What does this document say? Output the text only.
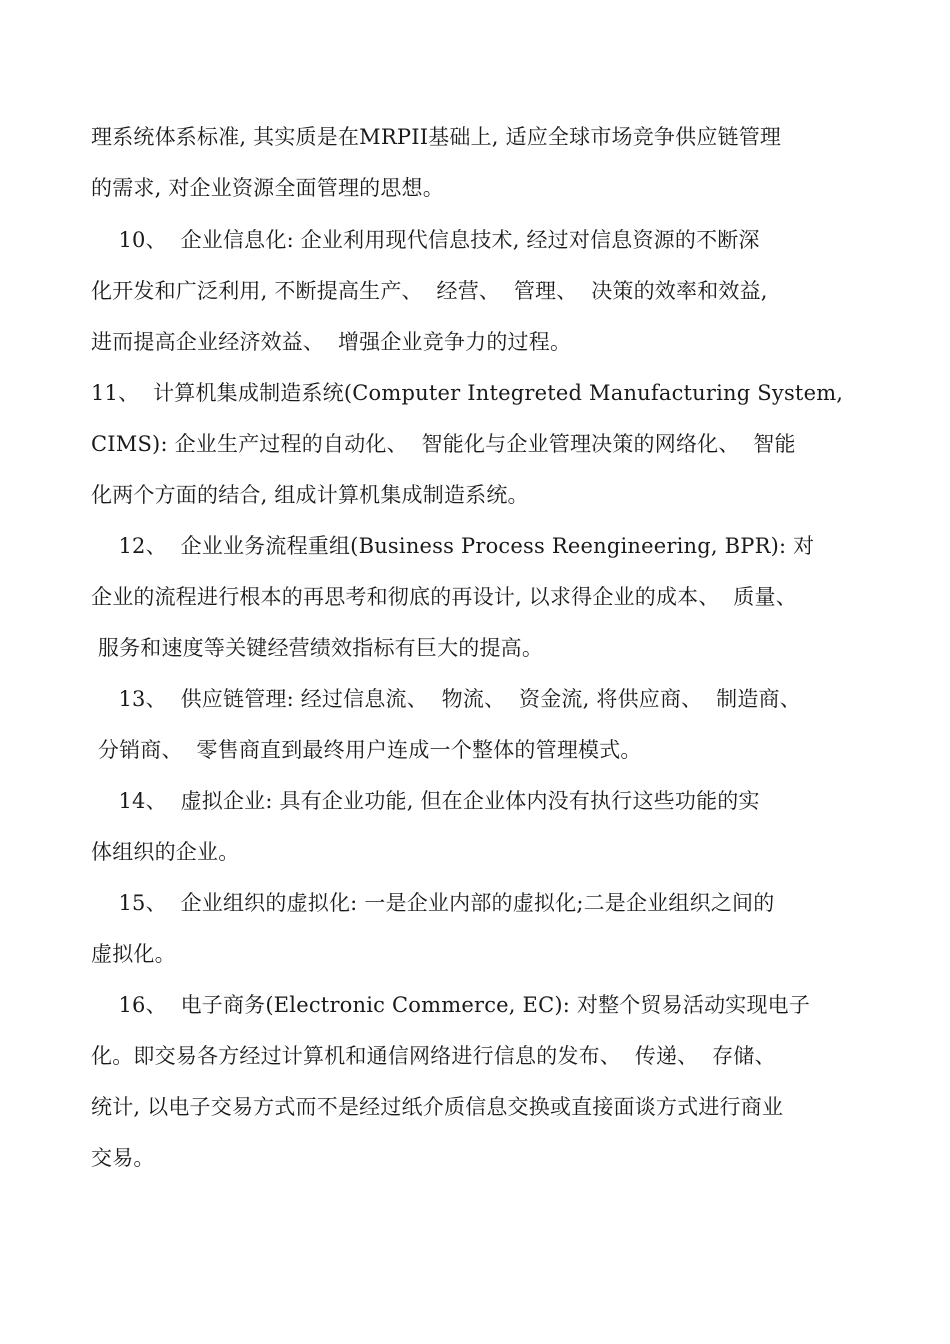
理系统体系标准, 其实质是在MRPII基础上, 适应全球市场竞争供应链管理
的需求, 对企业资源全面管理的思想。
10、  企业信息化: 企业利用现代信息技术, 经过对信息资源的不断深
化开发和广泛利用, 不断提高生产、  经营、  管理、  决策的效率和效益,
进而提高企业经济效益、  增强企业竞争力的过程。
11、  计算机集成制造系统(Computer Integreted Manufacturing System,
CIMS): 企业生产过程的自动化、  智能化与企业管理决策的网络化、  智能
化两个方面的结合, 组成计算机集成制造系统。
12、  企业业务流程重组(Business Process Reengineering, BPR): 对
企业的流程进行根本的再思考和彻底的再设计, 以求得企业的成本、  质量、
服务和速度等关键经营绩效指标有巨大的提高。
13、  供应链管理: 经过信息流、  物流、  资金流, 将供应商、  制造商、
分销商、  零售商直到最终用户连成一个整体的管理模式。
14、  虚拟企业: 具有企业功能, 但在企业体内没有执行这些功能的实
体组织的企业。
15、  企业组织的虚拟化: 一是企业内部的虚拟化;二是企业组织之间的
虚拟化。
16、  电子商务(Electronic Commerce, EC): 对整个贸易活动实现电子
化。即交易各方经过计算机和通信网络进行信息的发布、  传递、  存储、
统计, 以电子交易方式而不是经过纸介质信息交换或直接面谈方式进行商业
交易。
